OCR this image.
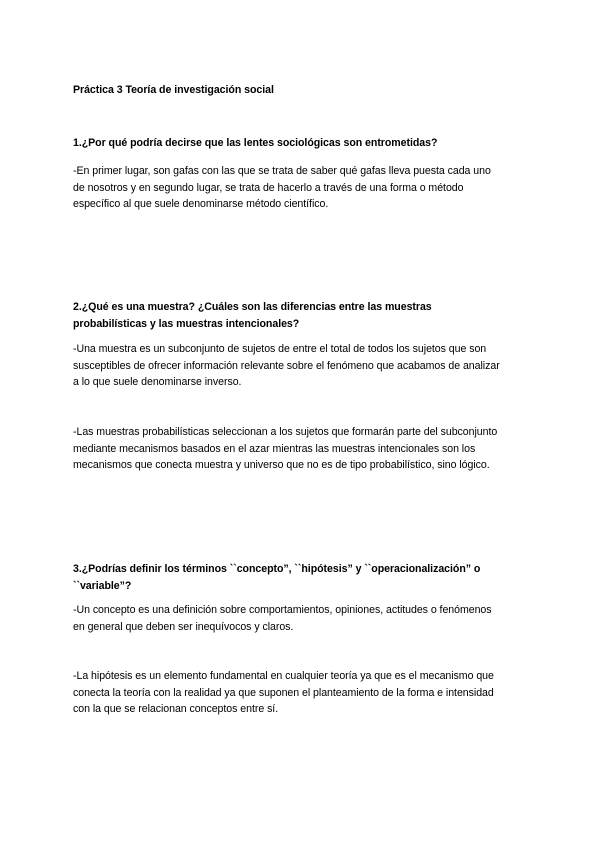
Práctica 3 Teoría de investigación social
1.¿Por qué podría decirse que las lentes sociológicas son entrometidas?
-En primer lugar, son gafas con las que se trata de saber qué gafas lleva puesta cada uno
de nosotros y en segundo lugar, se trata de hacerlo a través de una forma o método
específico al que suele denominarse método científico.
2.¿Qué es una muestra? ¿Cuáles son las diferencias entre las muestras
probabilísticas y las muestras intencionales?
-Una muestra es un subconjunto de sujetos de entre el total de todos los sujetos que son
susceptibles de ofrecer información relevante sobre el fenómeno que acabamos de analizar
a lo que suele denominarse inverso.
-Las muestras probabilísticas seleccionan a los sujetos que formarán parte del subconjunto
mediante mecanismos basados en el azar mientras las muestras intencionales son los
mecanismos que conecta muestra y universo que no es de tipo probabilístico, sino lógico.
3.¿Podrías definir los términos ``concepto”, ``hipótesis” y ``operacionalización” o
``variable”?
-Un concepto es una definición sobre comportamientos, opiniones, actitudes o fenómenos
en general que deben ser inequívocos y claros.
-La hipótesis es un elemento fundamental en cualquier teoría ya que es el mecanismo que
conecta la teoría con la realidad ya que suponen el planteamiento de la forma e intensidad
con la que se relacionan conceptos entre sí.
